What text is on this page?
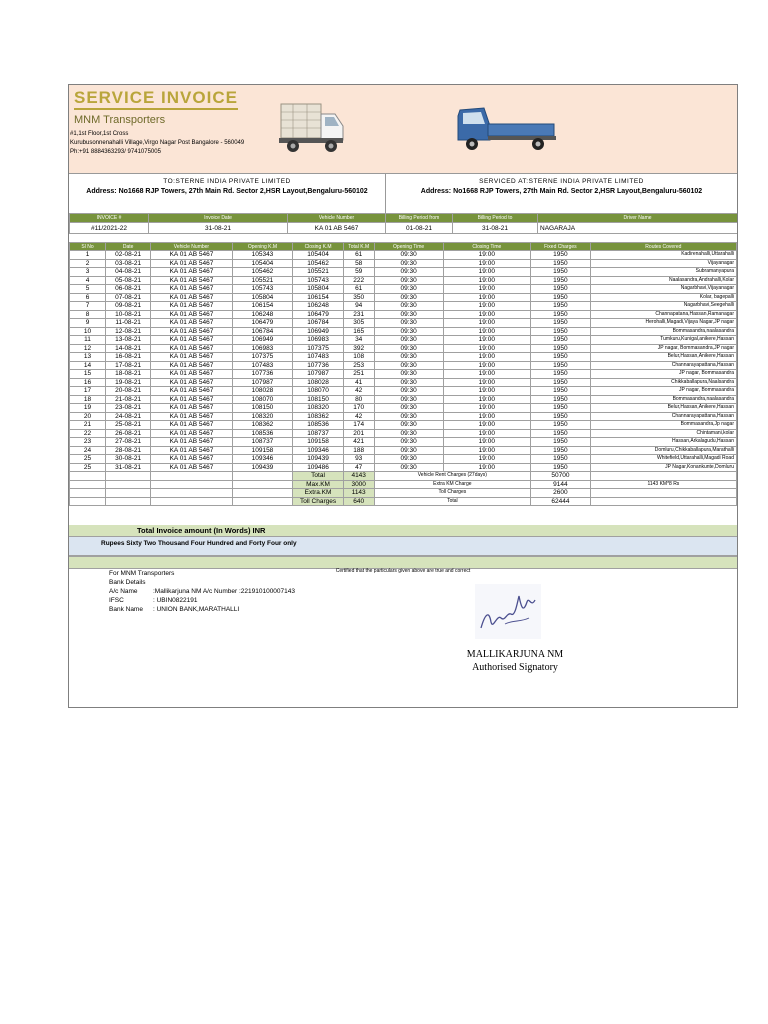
SERVICE INVOICE
MNM Transporters
#1,1st Floor,1st Cross
Kurubusonnenahalli Village,Virgo Nagar Post Bangalore - 560049
Ph:+91 8884363293/ 9741075005
TO:STERNE INDIA PRIVATE LIMITED
Address: No1668 RJP Towers, 27th Main Rd. Sector 2,HSR Layout,Bengaluru-560102
SERVICED AT:STERNE INDIA PRIVATE LIMITED
Address: No1668 RJP Towers, 27th Main Rd. Sector 2,HSR Layout,Bengaluru-560102
INVOICE #	Invoice Date	Vehicle Number	Billing Period from	Billing Period to	Driver Name
#11/2021-22	31-08-21	KA 01 AB 5467	01-08-21	31-08-21	NAGARAJA
Sl No	Date	Vehicle Number	Opening K.M	Closing K.M	Total K.M	Opening Time	Closing Time	Fixed Charges	Routes Covered
1	02-08-21	KA 01 AB 5467	105343	105404	61	09:30	19:00	1950	Kadirenahalli,Uttarahalli
2	03-08-21	KA 01 AB 5467	105404	105462	58	09:30	19:00	1950	Vijayanagar
3	04-08-21	KA 01 AB 5467	105462	105521	59	09:30	19:00	1950	Subramanyapura
4	05-08-21	KA 01 AB 5467	105521	105743	222	09:30	19:00	1950	Naalasandra,Andrahalli,Kolar
5	06-08-21	KA 01 AB 5467	105743	105804	61	09:30	19:00	1950	Nagarbhavi,Vijayanagar
6	07-08-21	KA 01 AB 5467	105804	106154	350	09:30	19:00	1950	Kolar, bagepalli
7	09-08-21	KA 01 AB 5467	106154	106248	94	09:30	19:00	1950	Nagarbhavi,Seegehalli
8	10-08-21	KA 01 AB 5467	106248	106479	231	09:30	19:00	1950	Channapatana,Hassan,Ramanagar
9	11-08-21	KA 01 AB 5467	106479	106784	305	09:30	19:00	1950	Herohalli,Magadi,Vijaya Nagar,JP nagar
10	12-08-21	KA 01 AB 5467	106784	106949	165	09:30	19:00	1950	Bommasandra,naalasandra
11	13-08-21	KA 01 AB 5467	106949	106983	34	09:30	19:00	1950	Tumkuru,Kunigal,anikere,Hassan
12	14-08-21	KA 01 AB 5467	106983	107375	392	09:30	19:00	1950	JP nagar, Bommasandra,JP nagar
13	16-08-21	KA 01 AB 5467	107375	107483	108	09:30	19:00	1950	Belur,Hassan,Anikere,Hassan
14	17-08-21	KA 01 AB 5467	107483	107736	253	09:30	19:00	1950	Channarayapattana,Hassan
15	18-08-21	KA 01 AB 5467	107736	107987	251	09:30	19:00	1950	JP nagar, Bommasandra
16	19-08-21	KA 01 AB 5467	107987	108028	41	09:30	19:00	1950	Chikkaballapura,Naalsandra
17	20-08-21	KA 01 AB 5467	108028	108070	42	09:30	19:00	1950	JP nagar, Bommasandra
18	21-08-21	KA 01 AB 5467	108070	108150	80	09:30	19:00	1950	Bommasandra,naalasandra
19	23-08-21	KA 01 AB 5467	108150	108320	170	09:30	19:00	1950	Belur,Hassan,Anikere,Hassan
20	24-08-21	KA 01 AB 5467	108320	108362	42	09:30	19:00	1950	Channarayapattana,Hassan
21	25-08-21	KA 01 AB 5467	108362	108536	174	09:30	19:00	1950	Bommasandra,Jp nagar
22	26-08-21	KA 01 AB 5467	108536	108737	201	09:30	19:00	1950	Chintamani,kolar
23	27-08-21	KA 01 AB 5467	108737	109158	421	09:30	19:00	1950	Hassan,Arkalagudu,Hassan
24	28-08-21	KA 01 AB 5467	109158	109346	188	09:30	19:00	1950	Domluru,Chikkaballapura,Marathalli
25	30-08-21	KA 01 AB 5467	109346	109439	93	09:30	19:00	1950	Whitefield,Uttarahalli,Magadi Road
25	31-08-21	KA 01 AB 5467	109439	109486	47	09:30	19:00	1950	JP Nagar,Konankunte,Domluru
				Total	4143	Vehicle Rent Charges (27days)		50700	
				Max.KM	3000	Extra KM Charge		9144	1143 KM*8 Rs
				Extra.KM	1143	Toll Charges		2600	
				Toll Charges	640	Total		62444	
Total Invoice amount (In Words) INR
Rupees Sixty Two Thousand Four Hundred and Forty Four only
Certified that the particulars given above are true and correct
For MNM Transporters
Bank Details
A/c Name :Mallikarjuna NM A/c Number :221910100007143
IFSC	: UBIN0822191
Bank Name : UNION BANK,MARATHALLI
MALLIKARJUNA NM
Authorised Signatory
